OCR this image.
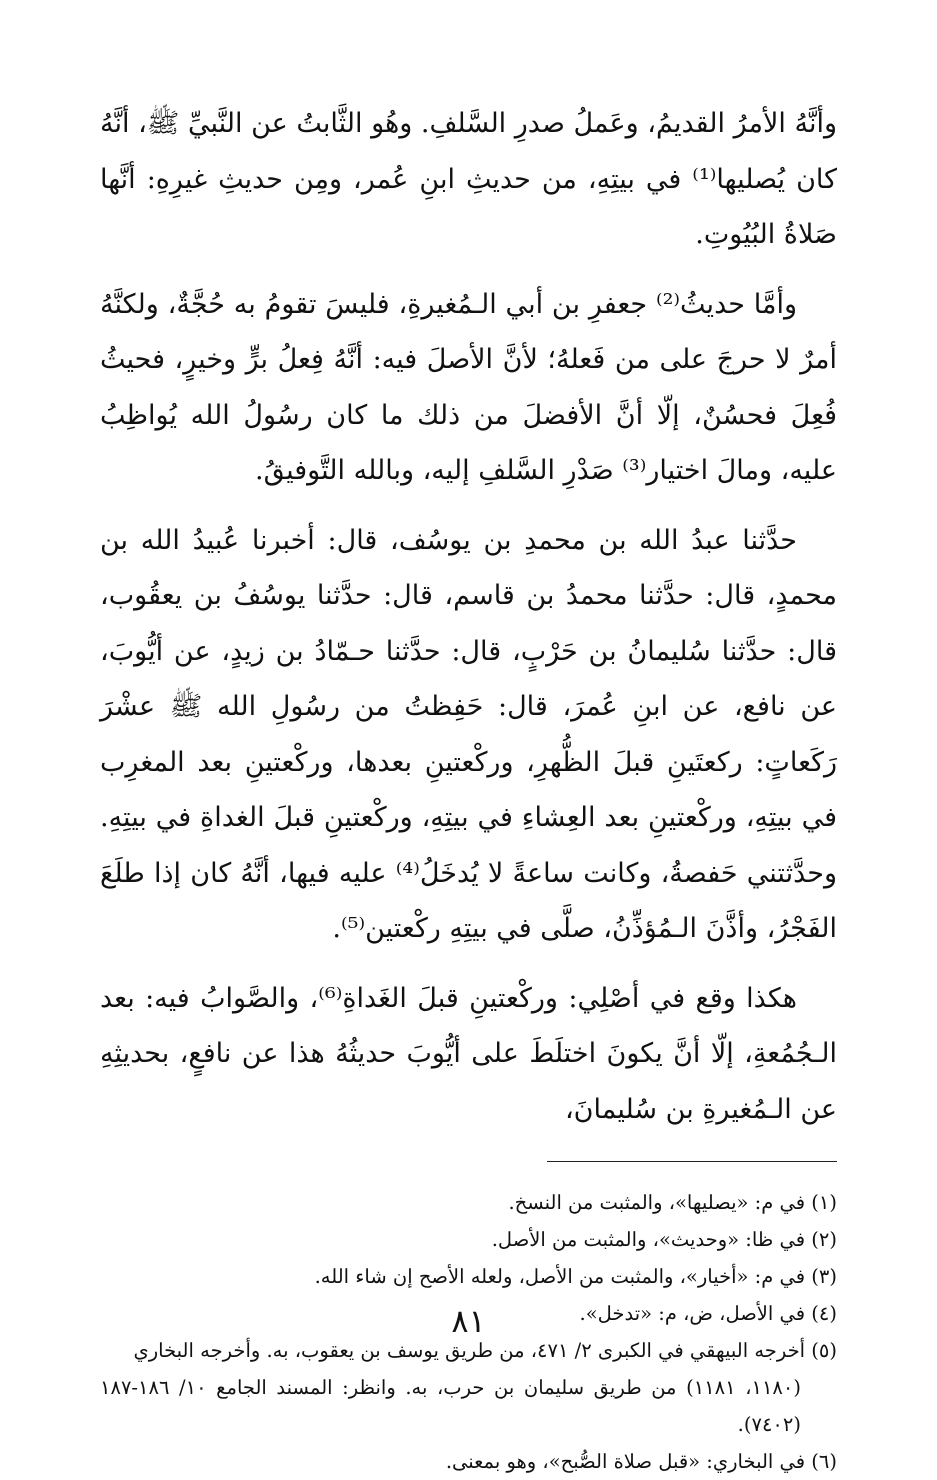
وأنَّهُ الأمرُ القديمُ، وعَملُ صدرِ السَّلفِ. وهُو الثَّابتُ عن النَّبيِّ ﷺ، أنَّهُ كان يُصليها⁽¹⁾ في بيتِهِ، من حديثِ ابنِ عُمر، ومِن حديثِ غيرِهِ: أنَّها صَلاةُ البُيُوتِ.

وأمَّا حديثُ⁽²⁾ جعفرِ بن أبي الـمُغيرةِ، فليسَ تقومُ به حُجَّةٌ، ولكنَّهُ أمرٌ لا حرجَ على من فَعلهُ؛ لأنَّ الأصلَ فيه: أنَّهُ فِعلُ برٍّ وخيرٍ، فحيثُ فُعِلَ فحسُنٌ، إلّا أنَّ الأفضلَ من ذلك ما كان رسُولُ الله يُواظِبُ عليه، ومالَ اختيار⁽³⁾ صَدْرِ السَّلفِ إليه، وبالله التَّوفيقُ.

حدَّثنا عبدُ الله بن محمدِ بن يوسُف، قال: أخبرنا عُبيدُ الله بن محمدٍ، قال: حدَّثنا محمدُ بن قاسم، قال: حدَّثنا يوسُفُ بن يعقُوب، قال: حدَّثنا سُليمانُ بن حَرْبٍ، قال: حدَّثنا حـمّادُ بن زيدٍ، عن أيُّوبَ، عن نافع، عن ابنِ عُمرَ، قال: حَفِظتُ من رسُولِ الله ﷺ عشْرَ رَكَعاتٍ: ركعتَينِ قبلَ الظُّهرِ، وركْعتينِ بعدها، وركْعتينِ بعد المغرِب في بيتِهِ، وركْعتينِ بعد العِشاءِ في بيتِهِ، وركْعتينِ قبلَ الغداةِ في بيتِهِ. وحدَّثتني حَفصةُ، وكانت ساعةً لا يُدخَلُ⁽⁴⁾ عليه فيها، أنَّهُ كان إذا طلَعَ الفَجْرُ، وأذَّنَ الـمُؤذِّنُ، صلَّى في بيتِهِ ركْعتين⁽⁵⁾.

هكذا وقع في أصْلِي: وركْعتينِ قبلَ الغَداةِ⁽⁶⁾، والصَّوابُ فيه: بعد الـجُمُعةِ، إلّا أنَّ يكونَ اختلَطَ على أيُّوبَ حديثُهُ هذا عن نافعٍ، بحديثِهِ عن الـمُغيرةِ بن سُليمانَ،

(١) في م: «يصليها»، والمثبت من النسخ.

(٢) في ظا: «وحديث»، والمثبت من الأصل.

(٣) في م: «أخيار»، والمثبت من الأصل، ولعله الأصح إن شاء الله.

(٤) في الأصل، ض، م: «تدخل».

(٥) أخرجه البيهقي في الكبرى ٢/ ٤٧١، من طريق يوسف بن يعقوب، به. وأخرجه البخاري

(١١٨٠، ١١٨١) من طريق سليمان بن حرب، به. وانظر: المسند الجامع ١٠/ ١٨٦-١٨٧ (٧٤٠٢).

(٦) في البخاري: «قبل صلاة الصُّبح»، وهو بمعنى.

٨١
